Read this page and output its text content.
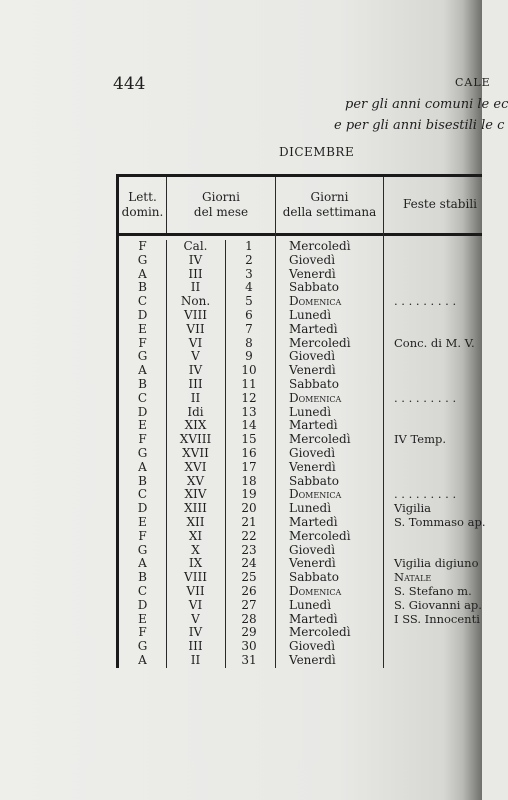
444	CALE
per gli anni comuni le ec
e per gli anni bisestili le c
DICEMBRE
Lett.
domin.
Giorni
del mese
Giorni
della settimana
Feste stabili
F
G
A
B
C
D
E
F
G
A
B
C
D
E
F
G
A
B
C
D
E
F
G
A
B
C
D
E
F
G
A
Cal.
IV
III
II
Non.
VIII
VII
VI
V
IV
III
II
Idi
XIX
XVIII
XVII
XVI
XV
XIV
XIII
XII
XI
X
IX
VIII
VII
VI
V
IV
III
II
1
2
3
4
5
6
7
8
9
10
11
12
13
14
15
16
17
18
19
20
21
22
23
24
25
26
27
28
29
30
31
Mercoledì
Giovedì
Venerdì
Sabbato
Domenica
Lunedì
Martedì
Mercoledì
Giovedì
Venerdì
Sabbato
Domenica
Lunedì
Martedì
Mercoledì
Giovedì
Venerdì
Sabbato
Domenica
Lunedì
Martedì
Mercoledì
Giovedì
Venerdì
Sabbato
Domenica
Lunedì
Martedì
Mercoledì
Giovedì
Venerdì
. . . . . . . . .
Conc. di M. V.
. . . . . . . . .
IV Temp.
. . . . . . . . .
Vigilia
S. Tommaso ap.
Vigilia digiuno
Natale
S. Stefano m.
S. Giovanni ap.
I SS. Innocenti
